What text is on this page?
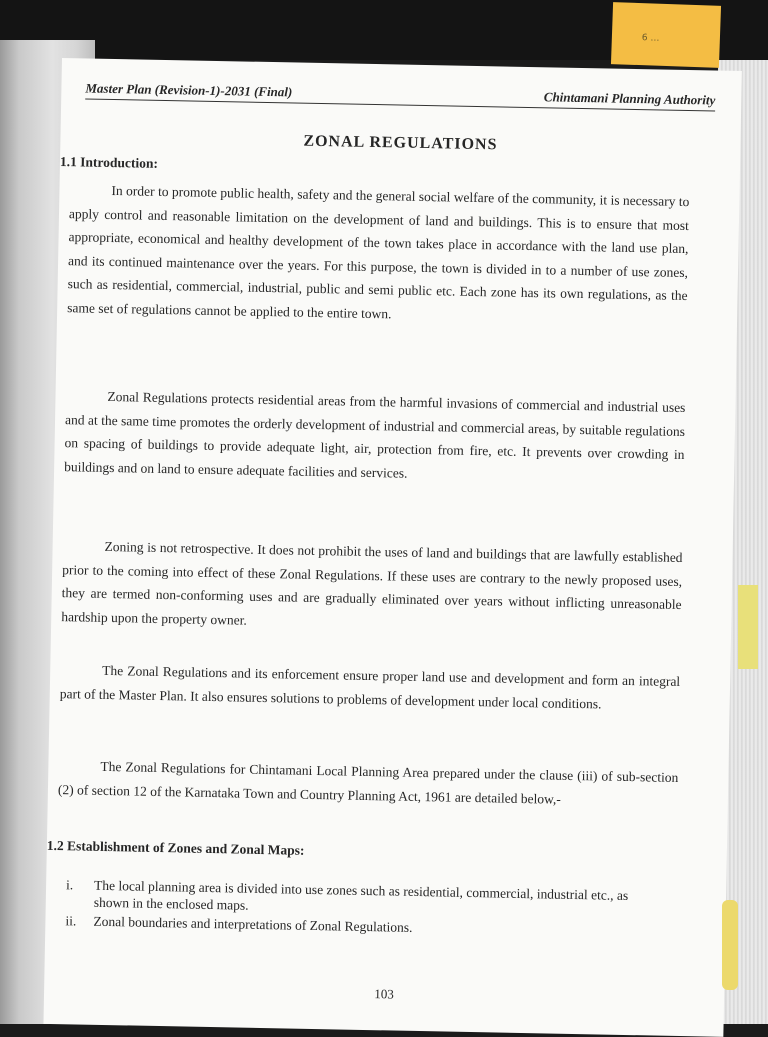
Master Plan (Revision-1)-2031 (Final)	Chintamani Planning Authority
ZONAL REGULATIONS
1.1 Introduction:
In order to promote public health, safety and the general social welfare of the community, it is necessary to apply control and reasonable limitation on the development of land and buildings. This is to ensure that most appropriate, economical and healthy development of the town takes place in accordance with the land use plan, and its continued maintenance over the years. For this purpose, the town is divided in to a number of use zones, such as residential, commercial, industrial, public and semi public etc. Each zone has its own regulations, as the same set of regulations cannot be applied to the entire town.
Zonal Regulations protects residential areas from the harmful invasions of commercial and industrial uses and at the same time promotes the orderly development of industrial and commercial areas, by suitable regulations on spacing of buildings to provide adequate light, air, protection from fire, etc. It prevents over crowding in buildings and on land to ensure adequate facilities and services.
Zoning is not retrospective. It does not prohibit the uses of land and buildings that are lawfully established prior to the coming into effect of these Zonal Regulations. If these uses are contrary to the newly proposed uses, they are termed non-conforming uses and are gradually eliminated over years without inflicting unreasonable hardship upon the property owner.
The Zonal Regulations and its enforcement ensure proper land use and development and form an integral part of the Master Plan. It also ensures solutions to problems of development under local conditions.
The Zonal Regulations for Chintamani Local Planning Area prepared under the clause (iii) of sub-section (2) of section 12 of the Karnataka Town and Country Planning Act, 1961 are detailed below,-
1.2 Establishment of Zones and Zonal Maps:
i. The local planning area is divided into use zones such as residential, commercial, industrial etc., as shown in the enclosed maps.
ii. Zonal boundaries and interpretations of Zonal Regulations.
103
6 …
